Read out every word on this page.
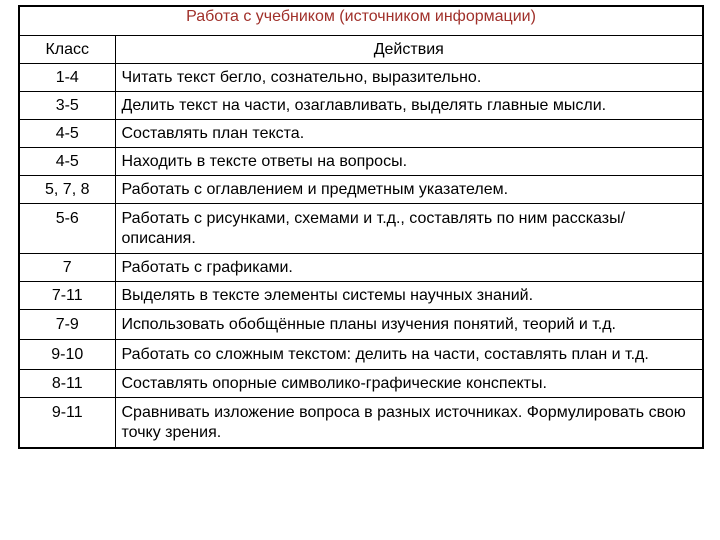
Работа с учебником (источником информации)	
Класс	Действия
1-4	Читать текст бегло, сознательно, выразительно.
3-5	Делить текст на части, озаглавливать, выделять главные мысли.
4-5	Составлять план текста.
4-5	Находить в тексте ответы на вопросы.
5, 7, 8	Работать с оглавлением и предметным указателем.
5-6	Работать с рисунками, схемами и т.д., составлять по ним рассказы/описания.
7	Работать с графиками.
7-11	Выделять в тексте элементы системы научных знаний.
7-9	Использовать обобщённые планы изучения понятий, теорий и т.д.
9-10	Работать со сложным текстом: делить на части, составлять план и т.д.
8-11	Составлять опорные символико-графические конспекты.
9-11	Сравнивать изложение вопроса в разных источниках. Формулировать свою точку зрения.
